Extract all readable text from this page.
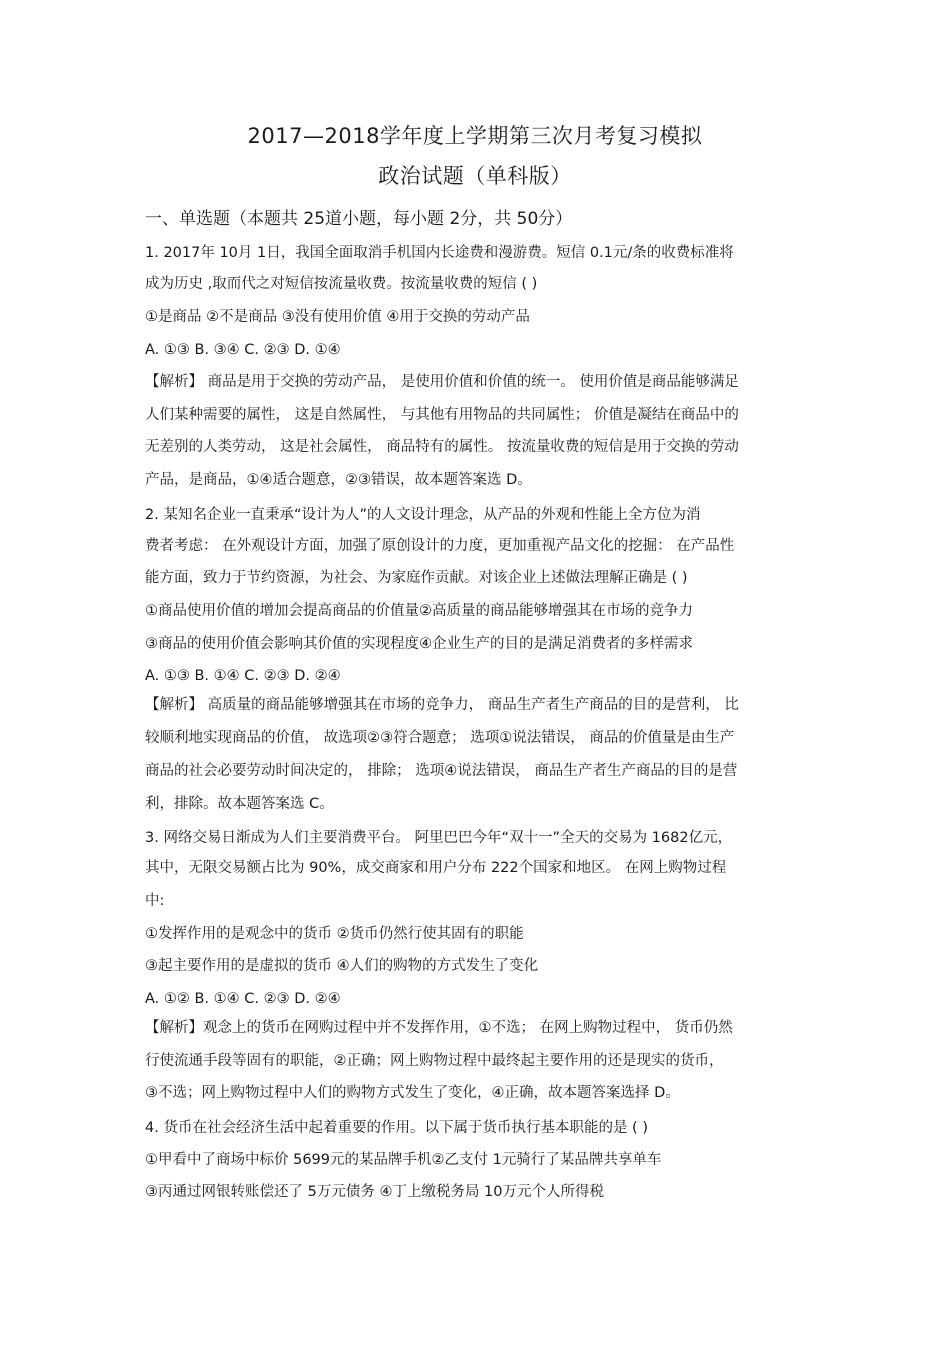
2017—2018学年度上学期第三次月考复习模拟
政治试题（单科版）
一、单选题（本题共 25道小题，每小题 2分，共 50分）
1. 2017年 10月 1日，我国全面取消手机国内长途费和漫游费。短信 0.1元/条的收费标准将
成为历史 ,取而代之对短信按流量收费。按流量收费的短信 ( )
①是商品 ②不是商品 ③没有使用价值 ④用于交换的劳动产品
A. ①③ B. ③④ C. ②③ D. ①④
【解析】 商品是用于交换的劳动产品， 是使用价值和价值的统一。 使用价值是商品能够满足
人们某种需要的属性， 这是自然属性， 与其他有用物品的共同属性； 价值是凝结在商品中的
无差别的人类劳动， 这是社会属性， 商品特有的属性。 按流量收费的短信是用于交换的劳动
产品，是商品，①④适合题意，②③错误，故本题答案选 D。
2. 某知名企业一直秉承“设计为人”的人文设计理念，从产品的外观和性能上全方位为消
费者考虑： 在外观设计方面，加强了原创设计的力度，更加重视产品文化的挖掘： 在产品性
能方面，致力于节约资源，为社会、为家庭作贡献。对该企业上述做法理解正确是 ( )
①商品使用价值的增加会提高商品的价值量②高质量的商品能够增强其在市场的竞争力
③商品的使用价值会影响其价值的实现程度④企业生产的目的是满足消费者的多样需求
A. ①③ B. ①④ C. ②③ D. ②④
【解析】 高质量的商品能够增强其在市场的竞争力， 商品生产者生产商品的目的是营利， 比
较顺利地实现商品的价值， 故选项②③符合题意； 选项①说法错误， 商品的价值量是由生产
商品的社会必要劳动时间决定的， 排除； 选项④说法错误， 商品生产者生产商品的目的是营
利，排除。故本题答案选 C。
3. 网络交易日渐成为人们主要消费平台。 阿里巴巴今年“双十一”全天的交易为 1682亿元，
其中，无限交易额占比为 90%，成交商家和用户分布 222个国家和地区。 在网上购物过程
中:
①发挥作用的是观念中的货币 ②货币仍然行使其固有的职能
③起主要作用的是虚拟的货币 ④人们的购物的方式发生了变化
A. ①② B. ①④ C. ②③ D. ②④
【解析】观念上的货币在网购过程中并不发挥作用，①不选； 在网上购物过程中， 货币仍然
行使流通手段等固有的职能，②正确；网上购物过程中最终起主要作用的还是现实的货币，
③不选；网上购物过程中人们的购物方式发生了变化，④正确，故本题答案选择 D。
4. 货币在社会经济生活中起着重要的作用。以下属于货币执行基本职能的是 ( )
①甲看中了商场中标价 5699元的某品牌手机②乙支付 1元骑行了某品牌共享单车
③丙通过网银转账偿还了 5万元债务 ④丁上缴税务局 10万元个人所得税
